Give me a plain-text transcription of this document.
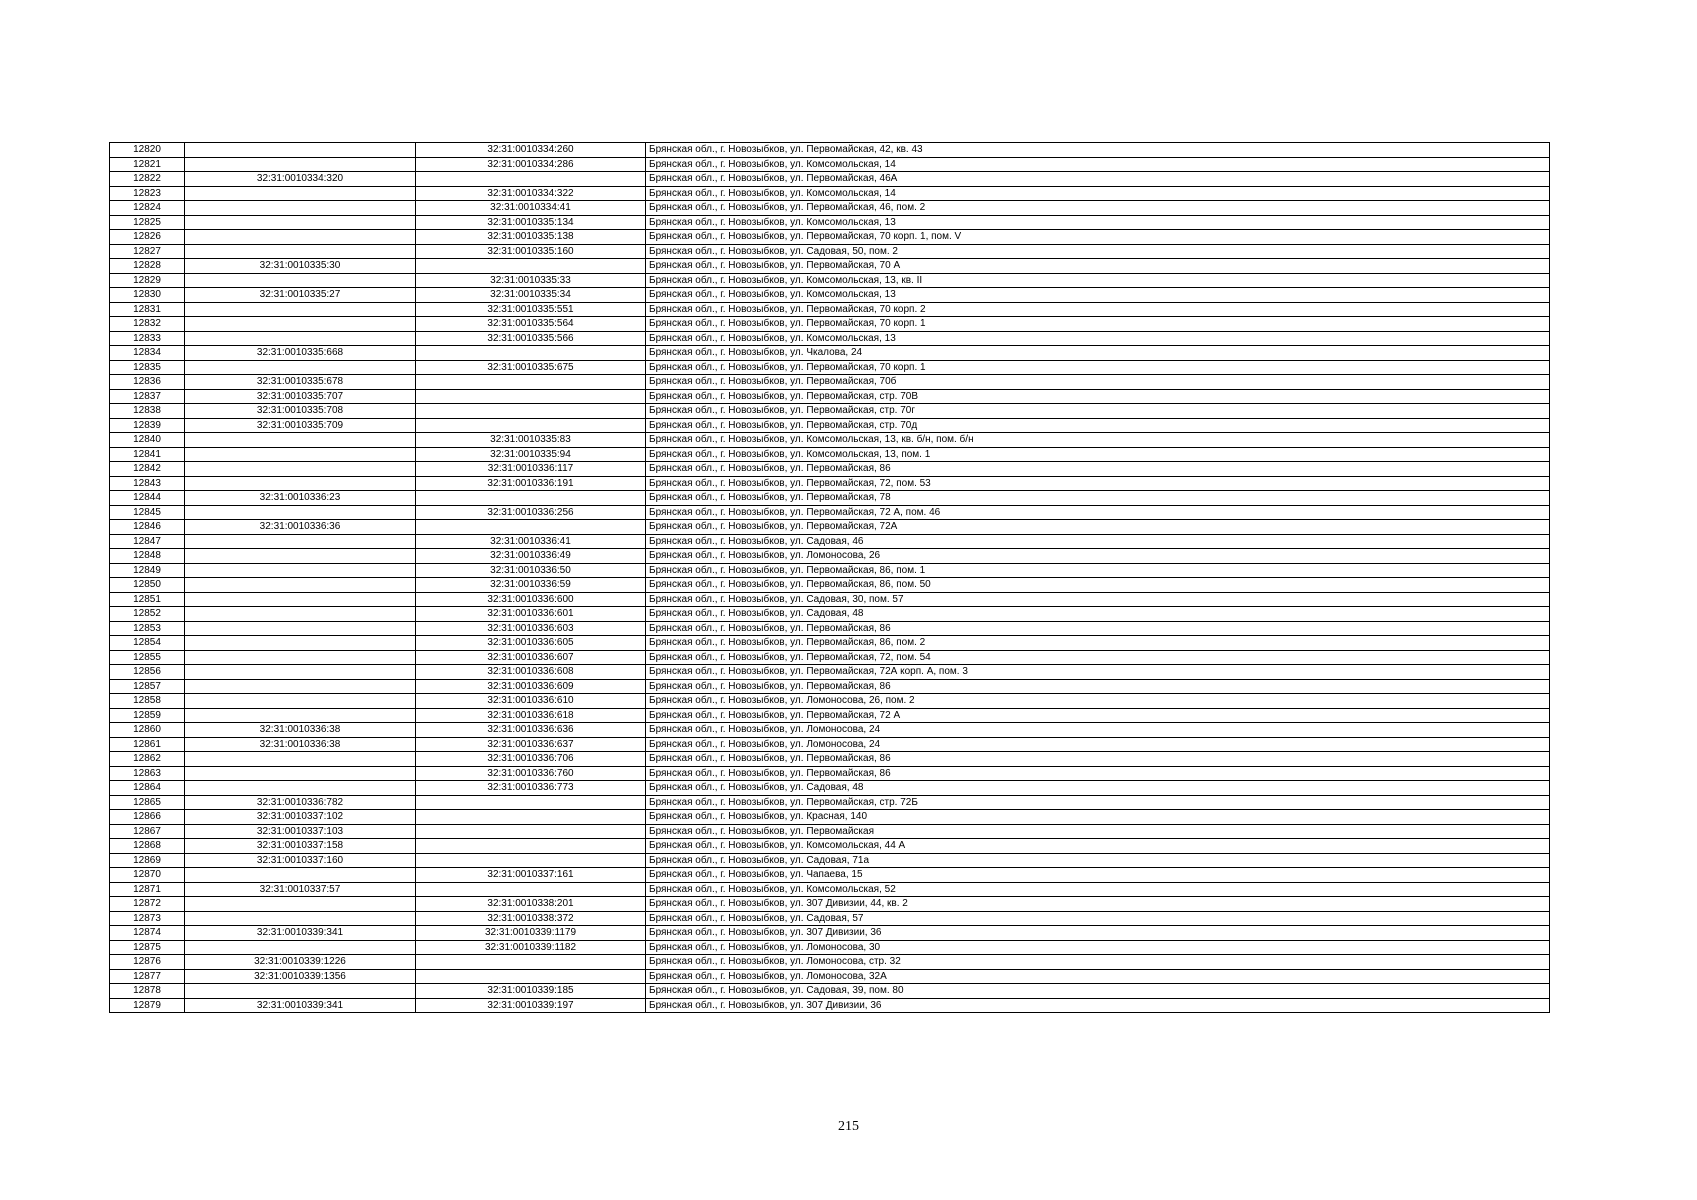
12820		32:31:0010334:260	Брянская обл., г. Новозыбков, ул. Первомайская, 42, кв. 43
12821		32:31:0010334:286	Брянская обл., г. Новозыбков, ул. Комсомольская, 14
12822	32:31:0010334:320		Брянская обл., г. Новозыбков, ул. Первомайская, 46А
12823		32:31:0010334:322	Брянская обл., г. Новозыбков, ул. Комсомольская, 14
12824		32:31:0010334:41	Брянская обл., г. Новозыбков, ул. Первомайская, 46, пом. 2
12825		32:31:0010335:134	Брянская обл., г. Новозыбков, ул. Комсомольская, 13
12826		32:31:0010335:138	Брянская обл., г. Новозыбков, ул. Первомайская, 70 корп. 1, пом. V
12827		32:31:0010335:160	Брянская обл., г. Новозыбков, ул. Садовая, 50, пом. 2
12828	32:31:0010335:30		Брянская обл., г. Новозыбков, ул. Первомайская, 70 А
12829		32:31:0010335:33	Брянская обл., г. Новозыбков, ул. Комсомольская, 13, кв. II
12830	32:31:0010335:27	32:31:0010335:34	Брянская обл., г. Новозыбков, ул. Комсомольская, 13
12831		32:31:0010335:551	Брянская обл., г. Новозыбков, ул. Первомайская, 70 корп. 2
12832		32:31:0010335:564	Брянская обл., г. Новозыбков, ул. Первомайская, 70 корп. 1
12833		32:31:0010335:566	Брянская обл., г. Новозыбков, ул. Комсомольская, 13
12834	32:31:0010335:668		Брянская обл., г. Новозыбков, ул. Чкалова, 24
12835		32:31:0010335:675	Брянская обл., г. Новозыбков, ул. Первомайская, 70 корп. 1
12836	32:31:0010335:678		Брянская обл., г. Новозыбков, ул. Первомайская, 70б
12837	32:31:0010335:707		Брянская обл., г. Новозыбков, ул. Первомайская, стр. 70В
12838	32:31:0010335:708		Брянская обл., г. Новозыбков, ул. Первомайская, стр. 70г
12839	32:31:0010335:709		Брянская обл., г. Новозыбков, ул. Первомайская, стр. 70д
12840		32:31:0010335:83	Брянская обл., г. Новозыбков, ул. Комсомольская, 13, кв. б/н, пом. б/н
12841		32:31:0010335:94	Брянская обл., г. Новозыбков, ул. Комсомольская, 13, пом. 1
12842		32:31:0010336:117	Брянская обл., г. Новозыбков, ул. Первомайская, 86
12843		32:31:0010336:191	Брянская обл., г. Новозыбков, ул. Первомайская, 72, пом. 53
12844	32:31:0010336:23		Брянская обл., г. Новозыбков, ул. Первомайская, 78
12845		32:31:0010336:256	Брянская обл., г. Новозыбков, ул. Первомайская, 72 А, пом. 46
12846	32:31:0010336:36		Брянская обл., г. Новозыбков, ул. Первомайская, 72А
12847		32:31:0010336:41	Брянская обл., г. Новозыбков, ул. Садовая, 46
12848		32:31:0010336:49	Брянская обл., г. Новозыбков, ул. Ломоносова, 26
12849		32:31:0010336:50	Брянская обл., г. Новозыбков, ул. Первомайская, 86, пом. 1
12850		32:31:0010336:59	Брянская обл., г. Новозыбков, ул. Первомайская, 86, пом. 50
12851		32:31:0010336:600	Брянская обл., г. Новозыбков, ул. Садовая, 30, пом. 57
12852		32:31:0010336:601	Брянская обл., г. Новозыбков, ул. Садовая, 48
12853		32:31:0010336:603	Брянская обл., г. Новозыбков, ул. Первомайская, 86
12854		32:31:0010336:605	Брянская обл., г. Новозыбков, ул. Первомайская, 86, пом. 2
12855		32:31:0010336:607	Брянская обл., г. Новозыбков, ул. Первомайская, 72, пом. 54
12856		32:31:0010336:608	Брянская обл., г. Новозыбков, ул. Первомайская, 72А корп. А, пом. 3
12857		32:31:0010336:609	Брянская обл., г. Новозыбков, ул. Первомайская, 86
12858		32:31:0010336:610	Брянская обл., г. Новозыбков, ул. Ломоносова, 26, пом. 2
12859		32:31:0010336:618	Брянская обл., г. Новозыбков, ул. Первомайская, 72 А
12860	32:31:0010336:38	32:31:0010336:636	Брянская обл., г. Новозыбков, ул. Ломоносова, 24
12861	32:31:0010336:38	32:31:0010336:637	Брянская обл., г. Новозыбков, ул. Ломоносова, 24
12862		32:31:0010336:706	Брянская обл., г. Новозыбков, ул. Первомайская, 86
12863		32:31:0010336:760	Брянская обл., г. Новозыбков, ул. Первомайская, 86
12864		32:31:0010336:773	Брянская обл., г. Новозыбков, ул. Садовая, 48
12865	32:31:0010336:782		Брянская обл., г. Новозыбков, ул. Первомайская, стр. 72Б
12866	32:31:0010337:102		Брянская обл., г. Новозыбков, ул. Красная, 140
12867	32:31:0010337:103		Брянская обл., г. Новозыбков, ул. Первомайская
12868	32:31:0010337:158		Брянская обл., г. Новозыбков, ул. Комсомольская, 44 А
12869	32:31:0010337:160		Брянская обл., г. Новозыбков, ул. Садовая, 71а
12870		32:31:0010337:161	Брянская обл., г. Новозыбков, ул. Чапаева, 15
12871	32:31:0010337:57		Брянская обл., г. Новозыбков, ул. Комсомольская, 52
12872		32:31:0010338:201	Брянская обл., г. Новозыбков, ул. 307 Дивизии, 44, кв. 2
12873		32:31:0010338:372	Брянская обл., г. Новозыбков, ул. Садовая, 57
12874	32:31:0010339:341	32:31:0010339:1179	Брянская обл., г. Новозыбков, ул. 307 Дивизии, 36
12875		32:31:0010339:1182	Брянская обл., г. Новозыбков, ул. Ломоносова, 30
12876	32:31:0010339:1226		Брянская обл., г. Новозыбков, ул. Ломоносова, стр. 32
12877	32:31:0010339:1356		Брянская обл., г. Новозыбков, ул. Ломоносова, 32А
12878		32:31:0010339:185	Брянская обл., г. Новозыбков, ул. Садовая, 39, пом. 80
12879	32:31:0010339:341	32:31:0010339:197	Брянская обл., г. Новозыбков, ул. 307 Дивизии, 36
215
